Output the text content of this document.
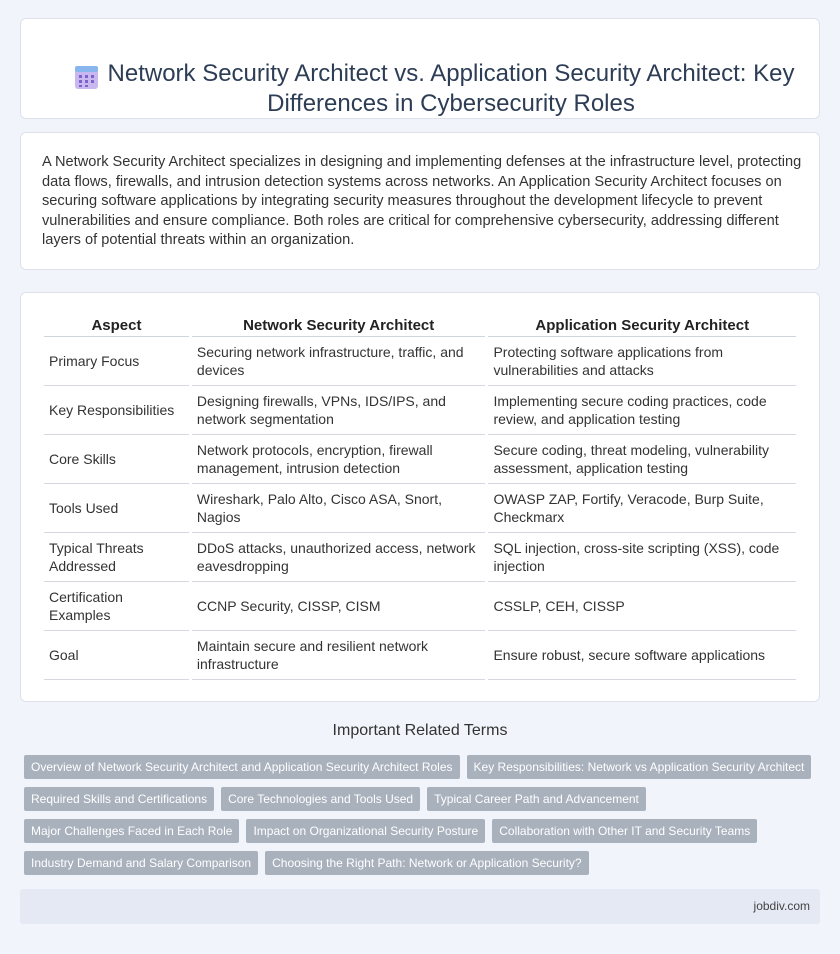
Network Security Architect vs. Application Security Architect: Key Differences in Cybersecurity Roles

A Network Security Architect specializes in designing and implementing defenses at the infrastructure level, protecting data flows, firewalls, and intrusion detection systems across networks. An Application Security Architect focuses on securing software applications by integrating security measures throughout the development lifecycle to prevent vulnerabilities and ensure compliance. Both roles are critical for comprehensive cybersecurity, addressing different layers of potential threats within an organization.

Aspect	Network Security Architect	Application Security Architect
Primary Focus	Securing network infrastructure, traffic, and devices	Protecting software applications from vulnerabilities and attacks
Key Responsibilities	Designing firewalls, VPNs, IDS/IPS, and network segmentation	Implementing secure coding practices, code review, and application testing
Core Skills	Network protocols, encryption, firewall management, intrusion detection	Secure coding, threat modeling, vulnerability assessment, application testing
Tools Used	Wireshark, Palo Alto, Cisco ASA, Snort, Nagios	OWASP ZAP, Fortify, Veracode, Burp Suite, Checkmarx
Typical Threats Addressed	DDoS attacks, unauthorized access, network eavesdropping	SQL injection, cross-site scripting (XSS), code injection
Certification Examples	CCNP Security, CISSP, CISM	CSSLP, CEH, CISSP
Goal	Maintain secure and resilient network infrastructure	Ensure robust, secure software applications
Important Related Terms
Overview of Network Security Architect and Application Security Architect Roles	Key Responsibilities: Network vs Application Security Architect
Required Skills and Certifications	Core Technologies and Tools Used	Typical Career Path and Advancement
Major Challenges Faced in Each Role	Impact on Organizational Security Posture	Collaboration with Other IT and Security Teams
Industry Demand and Salary Comparison	Choosing the Right Path: Network or Application Security?
jobdiv.com
